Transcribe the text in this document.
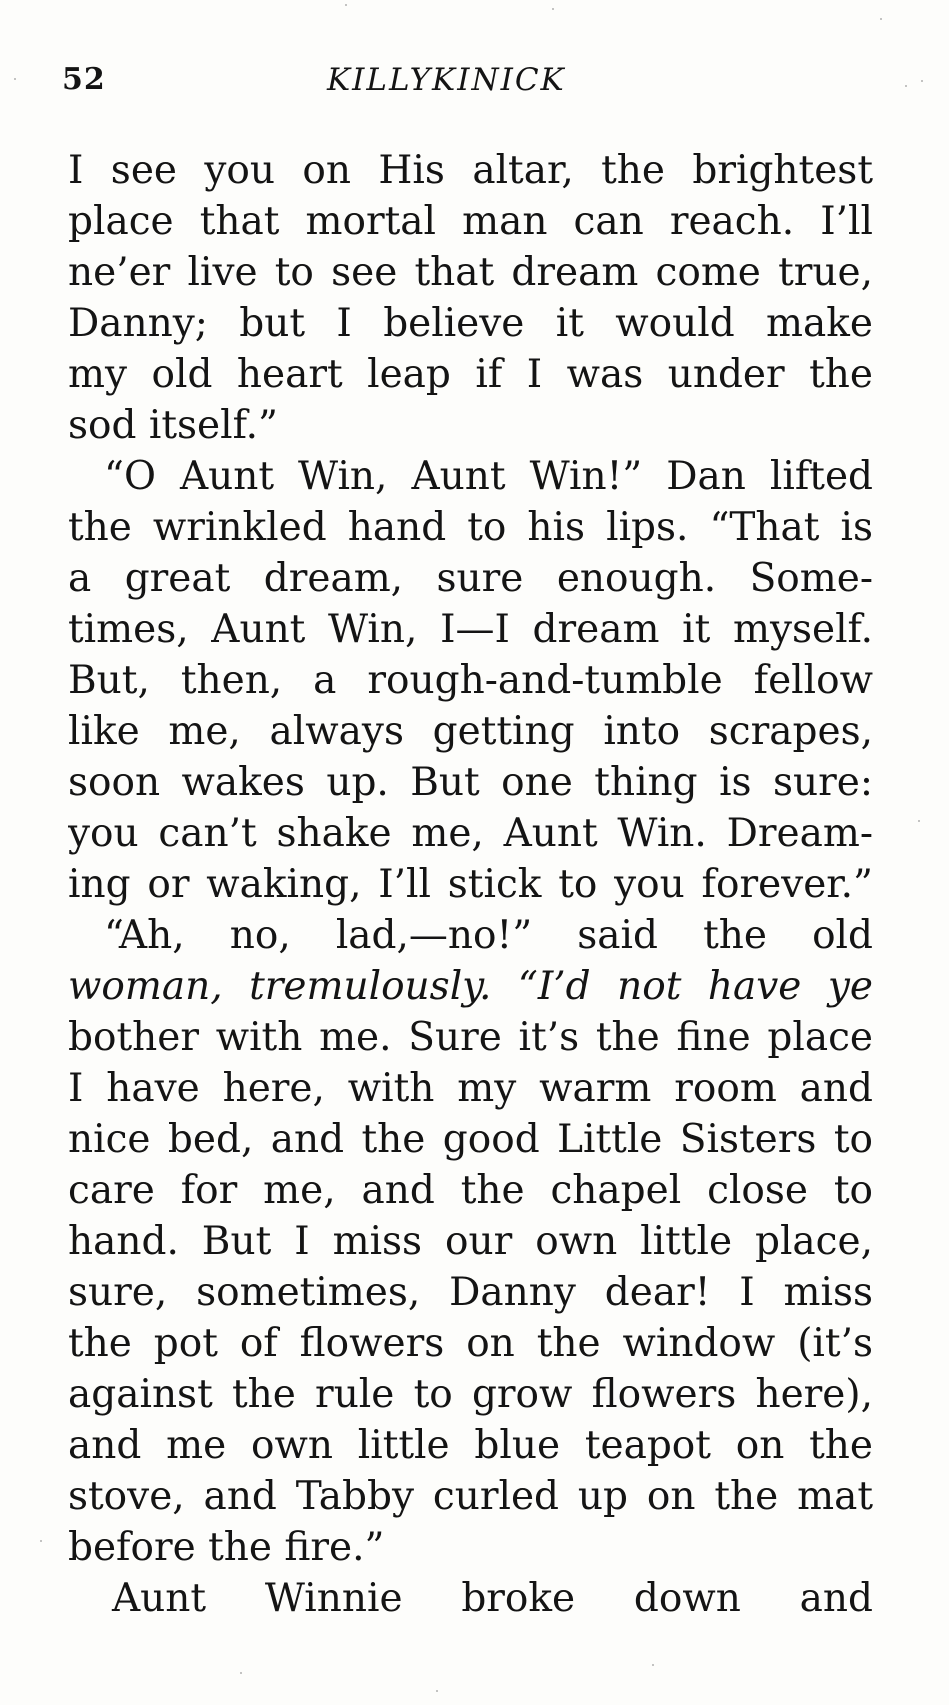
52	KILLYKINICK
I see you on His altar, the brightest
place that mortal man can reach. I’ll
ne’er live to see that dream come true,
Danny; but I believe it would make
my old heart leap if I was under the
sod itself.”
“O Aunt Win, Aunt Win!” Dan lifted
the wrinkled hand to his lips. “That is
a great dream, sure enough. Some-
times, Aunt Win, I—I dream it myself.
But, then, a rough-and-tumble fellow
like me, always getting into scrapes,
soon wakes up. But one thing is sure:
you can’t shake me, Aunt Win. Dream-
ing or waking, I’ll stick to you forever.”
“Ah, no, lad,—no!” said the old
woman, tremulously. “I’d not have ye
bother with me. Sure it’s the fine place
I have here, with my warm room and
nice bed, and the good Little Sisters to
care for me, and the chapel close to
hand. But I miss our own little place,
sure, sometimes, Danny dear! I miss
the pot of flowers on the window (it’s
against the rule to grow flowers here),
and me own little blue teapot on the
stove, and Tabby curled up on the mat
before the fire.”
Aunt Winnie broke down and
